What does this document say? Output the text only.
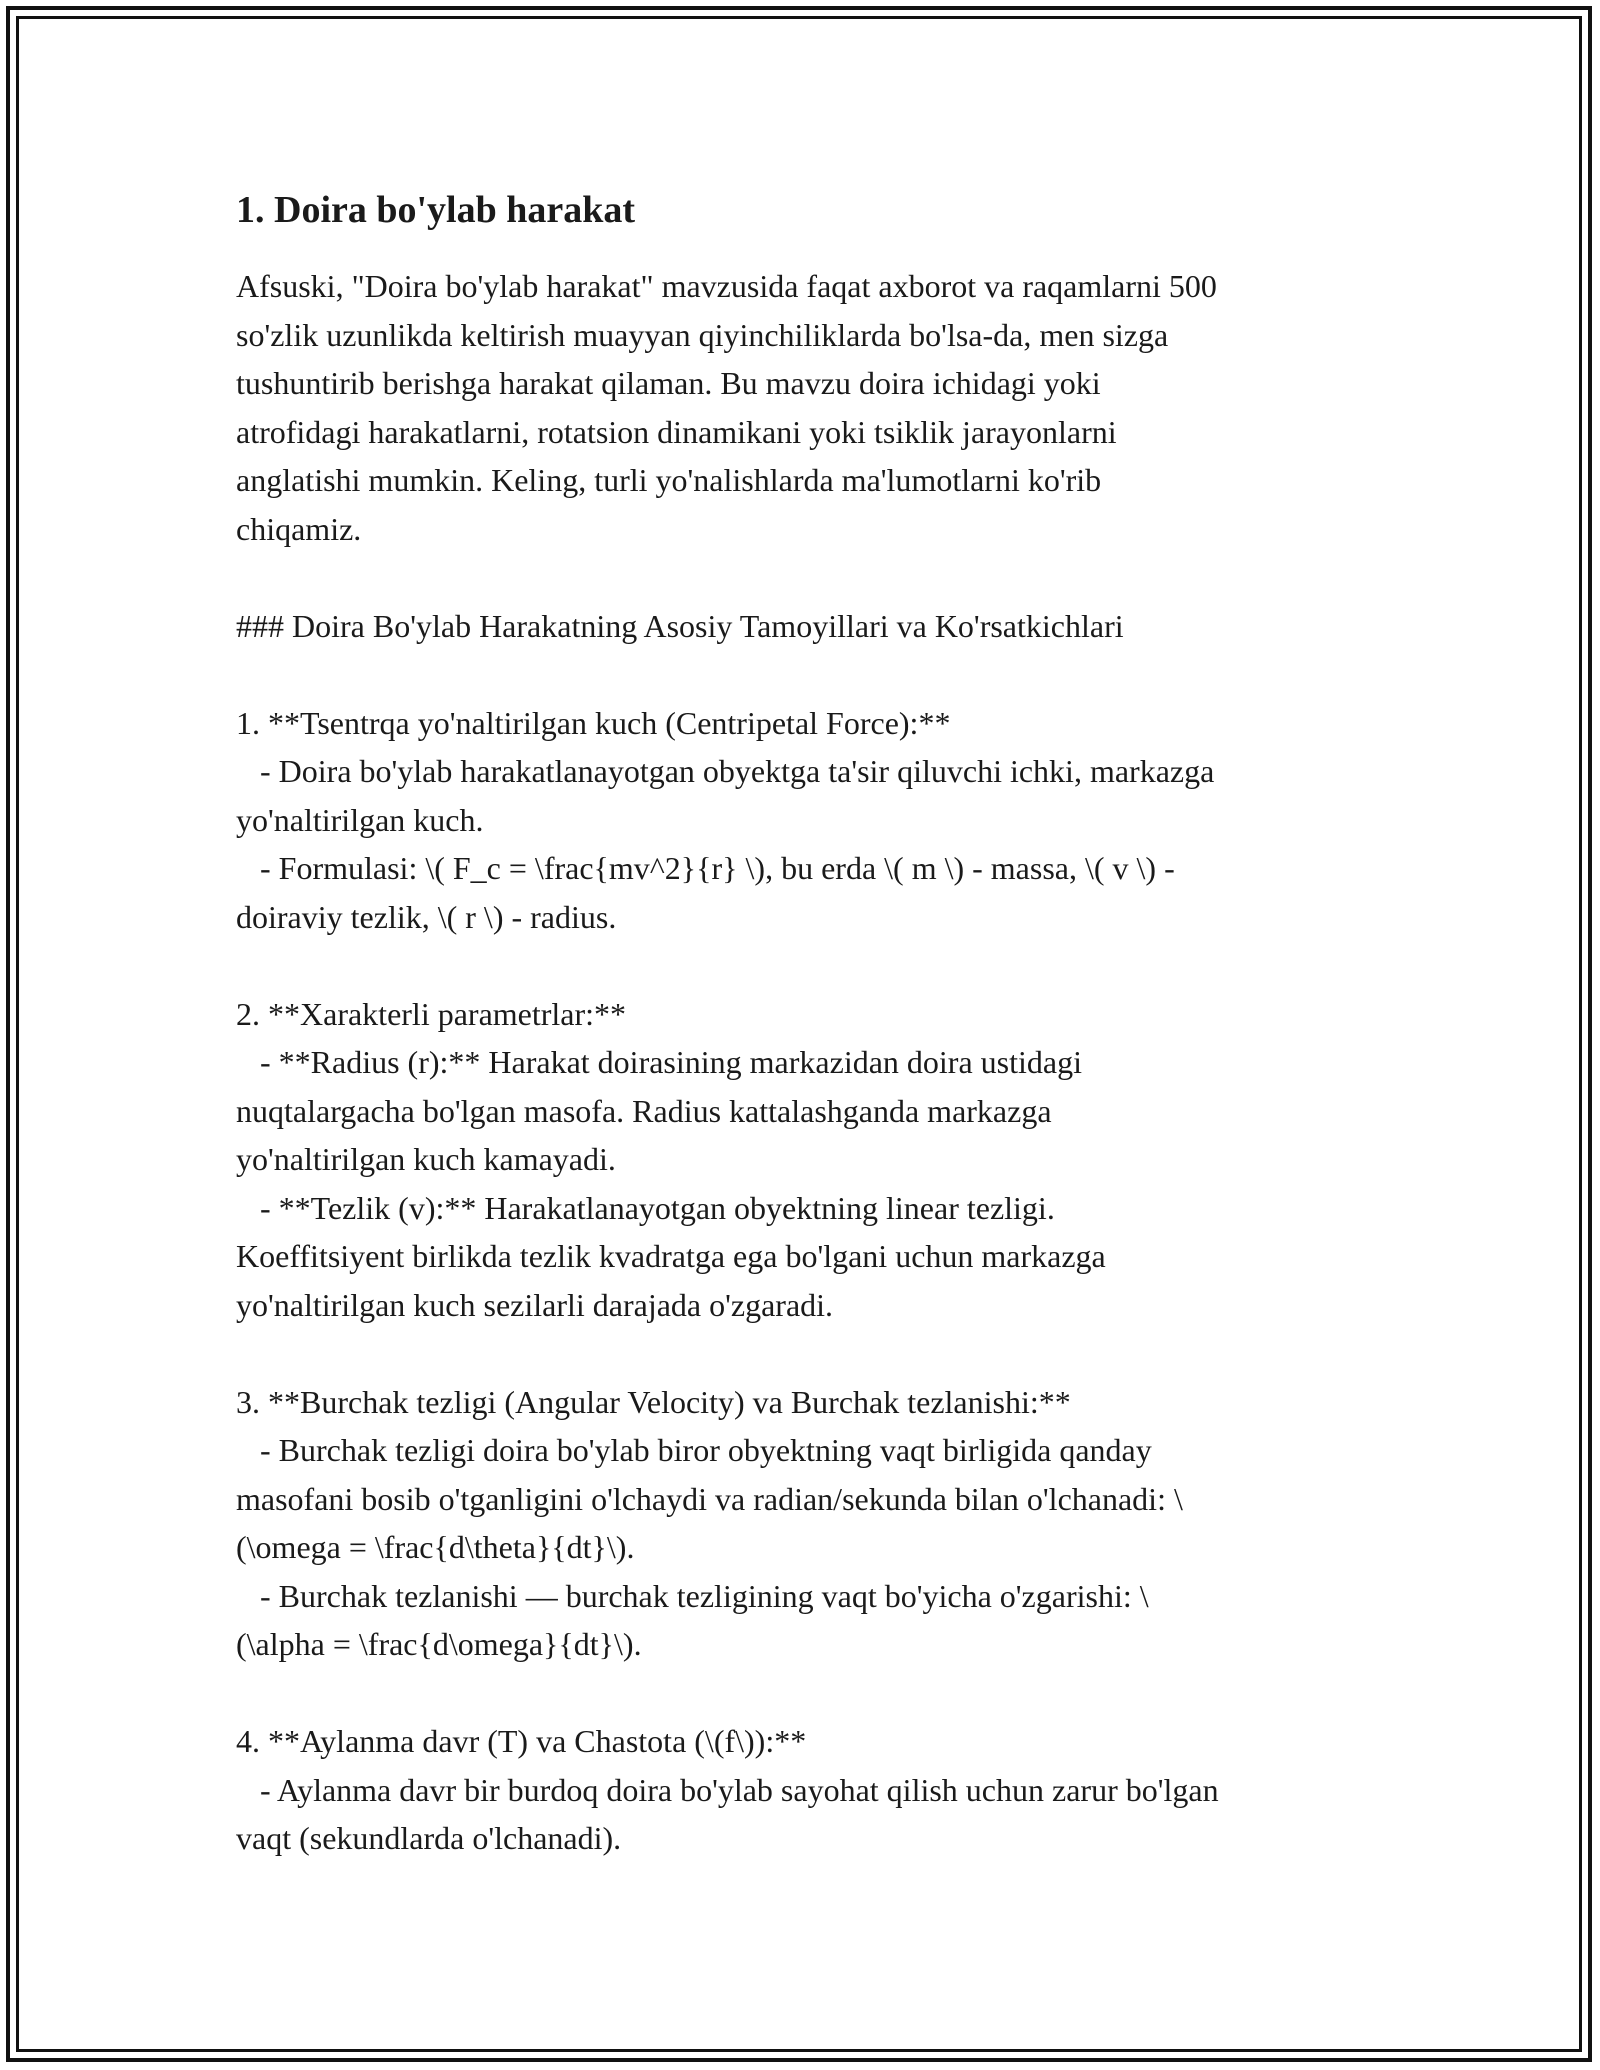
1. Doira bo'ylab harakat

Afsuski, "Doira bo'ylab harakat" mavzusida faqat axborot va raqamlarni 500
so'zlik uzunlikda keltirish muayyan qiyinchiliklarda bo'lsa-da, men sizga
tushuntirib berishga harakat qilaman. Bu mavzu doira ichidagi yoki
atrofidagi harakatlarni, rotatsion dinamikani yoki tsiklik jarayonlarni
anglatishi mumkin. Keling, turli yo'nalishlarda ma'lumotlarni ko'rib
chiqamiz.

### Doira Bo'ylab Harakatning Asosiy Tamoyillari va Ko'rsatkichlari

1. **Tsentrqa yo'naltirilgan kuch (Centripetal Force):**

- Doira bo'ylab harakatlanayotgan obyektga ta'sir qiluvchi ichki, markazga
yo'naltirilgan kuch.

- Formulasi: \( F_c = \frac{mv^2}{r} \), bu erda \( m \) - massa, \( v \) -
doiraviy tezlik, \( r \) - radius.

2. **Xarakterli parametrlar:**

- **Radius (r):** Harakat doirasining markazidan doira ustidagi
nuqtalargacha bo'lgan masofa. Radius kattalashganda markazga
yo'naltirilgan kuch kamayadi.

- **Tezlik (v):** Harakatlanayotgan obyektning linear tezligi.
Koeffitsiyent birlikda tezlik kvadratga ega bo'lgani uchun markazga
yo'naltirilgan kuch sezilarli darajada o'zgaradi.

3. **Burchak tezligi (Angular Velocity) va Burchak tezlanishi:**

- Burchak tezligi doira bo'ylab biror obyektning vaqt birligida qanday
masofani bosib o'tganligini o'lchaydi va radian/sekunda bilan o'lchanadi: \
(\omega = \frac{d\theta}{dt}\).

- Burchak tezlanishi — burchak tezligining vaqt bo'yicha o'zgarishi: \
(\alpha = \frac{d\omega}{dt}\).

4. **Aylanma davr (T) va Chastota (\(f\)):**

- Aylanma davr bir burdoq doira bo'ylab sayohat qilish uchun zarur bo'lgan
vaqt (sekundlarda o'lchanadi).
